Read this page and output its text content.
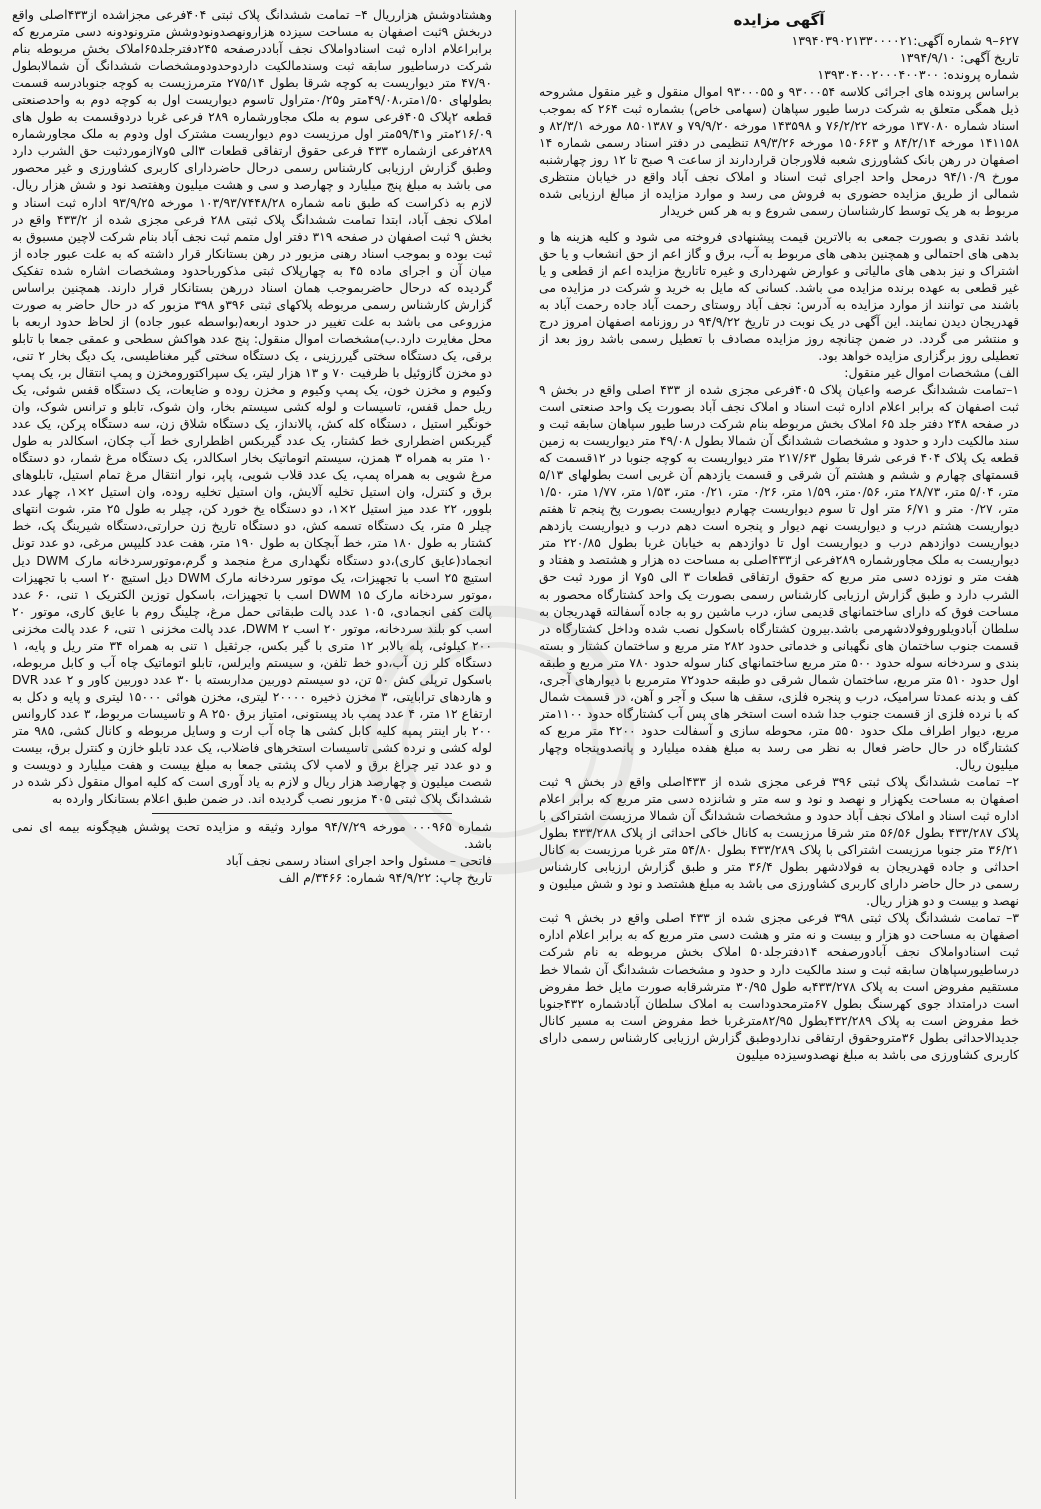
وهشتادوشش هزارریال ۴– تمامت ششدانگ پلاک ثبتی ۴۰۴فرعی مجزاشده از۴۳۳اصلی واقع دربخش ۹ثبت اصفهان به مساحت سیزده هزارونهصدونودوشش مترونودونه دسی مترمربع که برابراعلام اداره ثبت اسنادواملاک نجف آباددرصفحه ۲۴۵دفترجلد۶۵املاک بخش مربوطه بنام شرکت درساطیور سابقه ثبت وسندمالکیت داردوحدودومشخصات ششدانگ آن شمالابطول ۴۷/۹۰ متر دیواریست به کوچه شرقا بطول ۲۷۵/۱۴ مترمرزیست به کوچه جنوبادرسه قسمت بطولهای ۱/۵۰متر،۴۹/۰۸متر و۰/۲۵متراول تاسوم دیواریست اول به کوچه دوم به واحدصنعتی قطعه ۲پلاک ۴۰۵فرعی سوم به ملک مجاورشماره ۲۸۹ فرعی غربا دردوقسمت به طول های ۲۱۶/۰۹متر و۵۹/۴۱متر اول مرزیست دوم دیواریست مشترک اول ودوم به ملک مجاورشماره ۲۸۹فرعی ازشماره ۴۳۳ فرعی حقوق ارتفاقی قطعات ۳الی ۵و۷ازموردثبت حق الشرب دارد وطبق گزارش ارزیابی کارشناس رسمی درحال حاضردارای کاربری کشاورزی و غیر محصور می باشد به مبلغ پنج میلیارد و چهارصد و سی و هشت میلیون وهفتصد نود و شش هزار ریال. لازم به ذکراست که طبق نامه شماره ۱۰۳/۹۳/۷۴۴۸/۲۸ مورخه ۹۳/۹/۲۵ اداره ثبت اسناد و املاک نجف آباد، ابتدا تمامت ششدانگ پلاک ثبتی ۲۸۸ فرعی مجزی شده از ۴۳۳/۲ واقع در بخش ۹ ثبت اصفهان در صفحه ۳۱۹ دفتر اول متمم ثبت نجف آباد بنام شرکت لاچین مسبوق به ثبت بوده و بموجب اسناد رهنی مزبور در رهن بستانکار قرار داشته که به علت عبور جاده از میان آن و اجرای ماده ۴۵ به چهارپلاک ثبتی مذکورباحدود ومشخصات اشاره شده تفکیک گردیده که درحال حاضربموجب همان اسناد دررهن بستانکار قرار دارند. همچنین براساس گزارش کارشناس رسمی مربوطه پلاکهای ثبتی ۳۹۶و ۳۹۸ مزبور که در حال حاضر به صورت مزروعی می باشد به علت تغییر در حدود اربعه(بواسطه عبور جاده) از لحاظ حدود اربعه با محل مغایرت دارد.ب)مشخصات اموال منقول: پنج عدد هواکش سطحی و عمقی جمعا با تابلو برقی، یک دستگاه سختی گیررزینی ، یک دستگاه سختی گیر مغناطیسی، یک دیگ بخار ۲ تنی، دو مخزن گازوئیل با ظرفیت ۷۰ و ۱۳ هزار لیتر، یک سپراکتورومخزن و پمپ انتقال بر، یک پمپ وکیوم و مخزن خون، یک پمپ وکیوم و مخزن روده و ضایعات، یک دستگاه قفس شوئی، یک ریل حمل قفس، تاسیسات و لوله کشی سیستم بخار، وان شوک، تابلو و ترانس شوک، وان خونگیر استیل ، دستگاه کله کش، پالانداز، یک دستگاه شلاق زن، سه دستگاه پرکن، یک عدد گیربکس اضطراری خط کشتار، یک عدد گیربکس اظطراری خط آب چکان، اسکالدر به طول ۱۰ متر به همراه ۳ همزن، سیستم اتوماتیک بخار اسکالدر، یک دستگاه مرغ شمار، دو دستگاه مرغ شویی به همراه پمپ، یک عدد قلاب شویی، پاپر، نوار انتقال مرغ تمام استیل، تابلوهای برق و کنترل، وان استیل تخلیه آلایش، وان استیل تخلیه روده، وان استیل ۲×۱، چهار عدد بلوور، ۲۲ عدد میز استیل ۲×۱، دو دستگاه یخ خورد کن، چیلر به طول ۲۵ متر، شوت انتهای چیلر ۵ متر، یک دستگاه تسمه کش، دو دستگاه تاریخ زن حرارتی،دستگاه شیرینگ پک، خط کشتار به طول ۱۸۰ متر، خط آبچکان به طول ۱۹۰ متر، هفت عدد کلیپس مرغی، دو عدد تونل انجماد(عایق کاری)،دو دستگاه نگهداری مرغ منجمد و گرم،موتورسردخانه مارک DWM دیل استیچ ۲۵ اسب با تجهیزات، یک موتور سردخانه مارک DWM دیل استیچ ۲۰ اسب با تجهیزات ،موتور سردخانه مارک DWM ۱۵ اسب با تجهیزات، باسکول توزین الکتریک ۱ تنی، ۶۰ عدد پالت کفی انجمادی، ۱۰۵ عدد پالت طبقاتی حمل مرغ، چلینگ روم با عایق کاری، موتور ۲۰ اسب کو بلند سردخانه، موتور ۲۰ اسب DWM ۲، عدد پالت مخزنی ۱ تنی، ۶ عدد پالت مخزنی ۲۰۰ کیلوئی، پله بالابر ۱۲ متری با گیر بکس، جرثقیل ۱ تنی به همراه ۳۴ متر ریل و پایه، ۱ دستگاه کلر زن آب،دو خط تلفن، و سیستم وایرلس، تابلو اتوماتیک چاه آب و کابل مربوطه، باسکول ترپلی کش ۵۰ تن، دو سیستم دوربین مداربسته با ۳۰ عدد دوربین کاور و ۲ عدد DVR و هاردهای ترابایتی، ۳ مخزن ذخیره ۲۰۰۰۰ لیتری، مخزن هوائی ۱۵۰۰۰ لیتری و پایه و دکل به ارتفاع ۱۲ متر، ۴ عدد پمپ باد پیستونی، امتیاز برق ۲۵۰ A و تاسیسات مربوط، ۳ عدد کاروانس ۲۰۰ بار اینتر پمپه کلیه کابل کشی ها چاه آب ارت و وسایل مربوطه و کانال کشی، ۹۸۵ متر لوله کشی و نرده کشی تاسیسات استخرهای فاضلاب، یک عدد تابلو خازن و کنترل برق، بیست و دو عدد تیر چراغ برق و لامپ لاک پشتی جمعا به مبلغ بیست و هفت میلیارد و دویست و شصت میلیون و چهارصد هزار ریال و لازم به یاد آوری است که کلیه اموال منقول ذکر شده در ششدانگ پلاک ثبتی ۴۰۵ مزبور نصب گردیده اند. در ضمن طبق اعلام بستانکار وارده به

شماره ۰۰۰۹۶۵ مورخه ۹۴/۷/۲۹ موارد وثیقه و مزایده تحت پوشش هیچگونه بیمه ای نمی باشد.

فاتحی – مسئول واحد اجرای اسناد رسمی نجف آباد

تاریخ چاپ: ۹۴/۹/۲۲ شماره: ۳۴۶۶/م الف

آگهی مزایده

۶۲۷–۹ شماره آگهی:۱۳۹۴۰۳۹۰۲۱۳۳۰۰۰۰۲۱

تاریخ آگهی: ۱۳۹۴/۹/۱۰

شماره پرونده: ۱۳۹۳۰۴۰۰۲۰۰۰۴۰۰۳۰۰

براساس پرونده های اجرائی کلاسه ۹۳۰۰۰۵۴ و ۹۳۰۰۰۵۵ اموال منقول و غیر منقول مشروحه ذیل همگی متعلق به شرکت درسا طیور سپاهان (سهامی خاص) بشماره ثبت ۲۶۴ که بموجب اسناد شماره ۱۳۷۰۸۰ مورخه ۷۶/۲/۲۲ و ۱۴۳۵۹۸ مورخه ۷۹/۹/۲۰ و ۸۵۰۱۳۸۷ مورخه ۸۲/۳/۱ و ۱۴۱۱۵۸ مورخه ۸۴/۲/۱۴ و ۱۵۰۶۶۳ مورخه ۸۹/۳/۲۶ تنظیمی در دفتر اسناد رسمی شماره ۱۴ اصفهان در رهن بانک کشاورزی شعبه فلاورجان قراردارند از ساعت ۹ صبح تا ۱۲ روز چهارشنبه مورخ ۹۴/۱۰/۹ درمحل واحد اجرای ثبت اسناد و املاک نجف آباد واقع در خیابان منتظری شمالی از طریق مزایده حضوری به فروش می رسد و موارد مزایده از مبالغ ارزیابی شده مربوط به هر یک توسط کارشناسان رسمی شروع و به هر کس خریدار

باشد نقدی و بصورت جمعی به بالاترین قیمت پیشنهادی فروخته می شود و کلیه هزینه ها و بدهی های احتمالی و همچنین بدهی های مربوط به آب، برق و گاز اعم از حق انشعاب و یا حق اشتراک و نیز بدهی های مالیاتی و عوارض شهرداری و غیره تاتاریخ مزایده اعم از قطعی و یا غیر قطعی به عهده برنده مزایده می باشد. کسانی که مایل به خرید و شرکت در مزایده می باشند می توانند از موارد مزایده به آدرس: نجف آباد روستای رحمت آباد جاده رحمت آباد به قهدریجان دیدن نمایند. این آگهی در یک نوبت در تاریخ ۹۴/۹/۲۲ در روزنامه اصفهان امروز درج و منتشر می گردد. در ضمن چنانچه روز مزایده مصادف با تعطیل رسمی باشد روز بعد از تعطیلی روز برگزاری مزایده خواهد بود.

الف) مشخصات اموال غیر منقول:

۱–تمامت ششدانگ عرصه واعیان پلاک ۴۰۵فرعی مجزی شده از ۴۳۳ اصلی واقع در بخش ۹ ثبت اصفهان که برابر اعلام اداره ثبت اسناد و املاک نجف آباد بصورت یک واحد صنعتی است در صفحه ۲۴۸ دفتر جلد ۶۵ املاک بخش مربوطه بنام شرکت درسا طیور سپاهان سابقه ثبت و سند مالکیت دارد و حدود و مشخصات ششدانگ آن شمالا بطول ۴۹/۰۸ متر دیواریست به زمین قطعه یک پلاک ۴۰۴ فرعی شرقا بطول ۲۱۷/۶۳ متر دیواریست به کوچه جنوبا در ۱۲قسمت که قسمتهای چهارم و ششم و هشتم آن شرقی و قسمت یازدهم آن غربی است بطولهای ۵/۱۳ متر، ۵/۰۴ متر، ۲۸/۷۳ متر، ۰/۵۶متر، ۱/۵۹ متر، ۰/۲۶ متر، ۰/۲۱ متر، ۱/۵۳ متر، ۱/۷۷ متر، ۱/۵۰ متر، ۰/۲۷ متر و ۶/۷۱ متر اول تا سوم دیواریست چهارم دیواریست بصورت پخ پنجم تا هفتم دیواریست هشتم درب و دیواریست نهم دیوار و پنجره است دهم درب و دیواریست یازدهم دیواریست دوازدهم درب و دیواریست اول تا دوازدهم به خیابان غربا بطول ۲۲۰/۸۵ متر دیواریست به ملک مجاورشماره ۲۸۹فرعی از۴۳۳اصلی به مساحت ده هزار و هشتصد و هفتاد و هفت متر و نوزده دسی متر مربع که حقوق ارتفاقی قطعات ۳ الی ۵و۷ از مورد ثبت حق الشرب دارد و طبق گزارش ارزیابی کارشناس رسمی بصورت یک واحد کشتارگاه محصور به مساحت فوق که دارای ساختمانهای قدیمی ساز، درب ماشین رو به جاده آسفالته قهدریجان به سلطان آبادویلوروفولادشهرمی باشد.بیرون کشتارگاه باسکول نصب شده وداخل کشتارگاه در قسمت جنوب ساختمان های نگهبانی و خدماتی حدود ۲۸۲ متر مربع و ساختمان کشتار و بسته بندی و سردخانه سوله حدود ۵۰۰ متر مربع ساختمانهای کنار سوله حدود ۷۸۰ متر مربع و طبقه اول حدود ۵۱۰ متر مربع، ساختمان شمال شرقی دو طبقه حدود۷۲ مترمربع با دیوارهای آجری، کف و بدنه عمدتا سرامیک، درب و پنجره فلزی، سقف ها سبک و آجر و آهن، در قسمت شمال که با نرده فلزی از قسمت جنوب جدا شده است استخر های پس آب کشتارگاه حدود ۱۱۰۰متر مربع، دیوار اطراف ملک حدود ۵۵۰ متر، محوطه سازی و آسفالت حدود ۴۲۰۰ متر مربع که کشتارگاه در حال حاضر فعال به نظر می رسد به مبلغ هفده میلیارد و پانصدوپنجاه وچهار میلیون ریال.

۲– تمامت ششدانگ پلاک ثبتی ۳۹۶ فرعی مجزی شده از ۴۳۳اصلی واقع در بخش ۹ ثبت اصفهان به مساحت یکهزار و نهصد و نود و سه متر و شانزده دسی متر مربع که برابر اعلام اداره ثبت اسناد و املاک نجف آباد حدود و مشخصات ششدانگ آن شمالا مرزیست اشتراکی با پلاک ۴۳۳/۲۸۷ بطول ۵۶/۵۶ متر شرقا مرزیست به کانال خاکی احداثی از پلاک ۴۳۳/۲۸۸ بطول ۳۶/۲۱ متر جنوبا مرزیست اشتراکی با پلاک ۴۳۳/۲۸۹ بطول ۵۴/۸۰ متر غربا مرزیست به کانال احداثی و جاده قهدریجان به فولادشهر بطول ۳۶/۴ متر و طبق گزارش ارزیابی کارشناس رسمی در حال حاضر دارای کاربری کشاورزی می باشد به مبلغ هشتصد و نود و شش میلیون و نهصد و بیست و دو هزار ریال.

۳– تمامت ششدانگ پلاک ثبتی ۳۹۸ فرعی مجزی شده از ۴۳۳ اصلی واقع در بخش ۹ ثبت اصفهان به مساحت دو هزار و بیست و نه متر و هشت دسی متر مربع که به برابر اعلام اداره ثبت اسنادواملاک نجف آبادورصفحه ۱۴دفترجلد۵۰ املاک بخش مربوطه به نام شرکت درساطیورسپاهان سابقه ثبت و سند مالکیت دارد و حدود و مشخصات ششدانگ آن شمالا خط مستقیم مفروض است به پلاک ۴۳۳/۲۷۸به طول ۳۰/۹۵ مترشرقابه صورت مایل خط مفروض است درامتداد جوی کهرسنگ بطول ۶۷مترمحدوداست به املاک سلطان آبادشماره ۴۳۲جنوبا خط مفروض است به پلاک ۴۳۲/۲۸۹بطول ۸۲/۹۵مترغربا خط مفروض است به مسیر کانال جدیدالاحداثی بطول ۳۶متروحقوق ارتفاقی نداردوطبق گزارش ارزیابی کارشناس رسمی دارای کاربری کشاورزی می باشد به مبلغ نهصدوسیزده میلیون
